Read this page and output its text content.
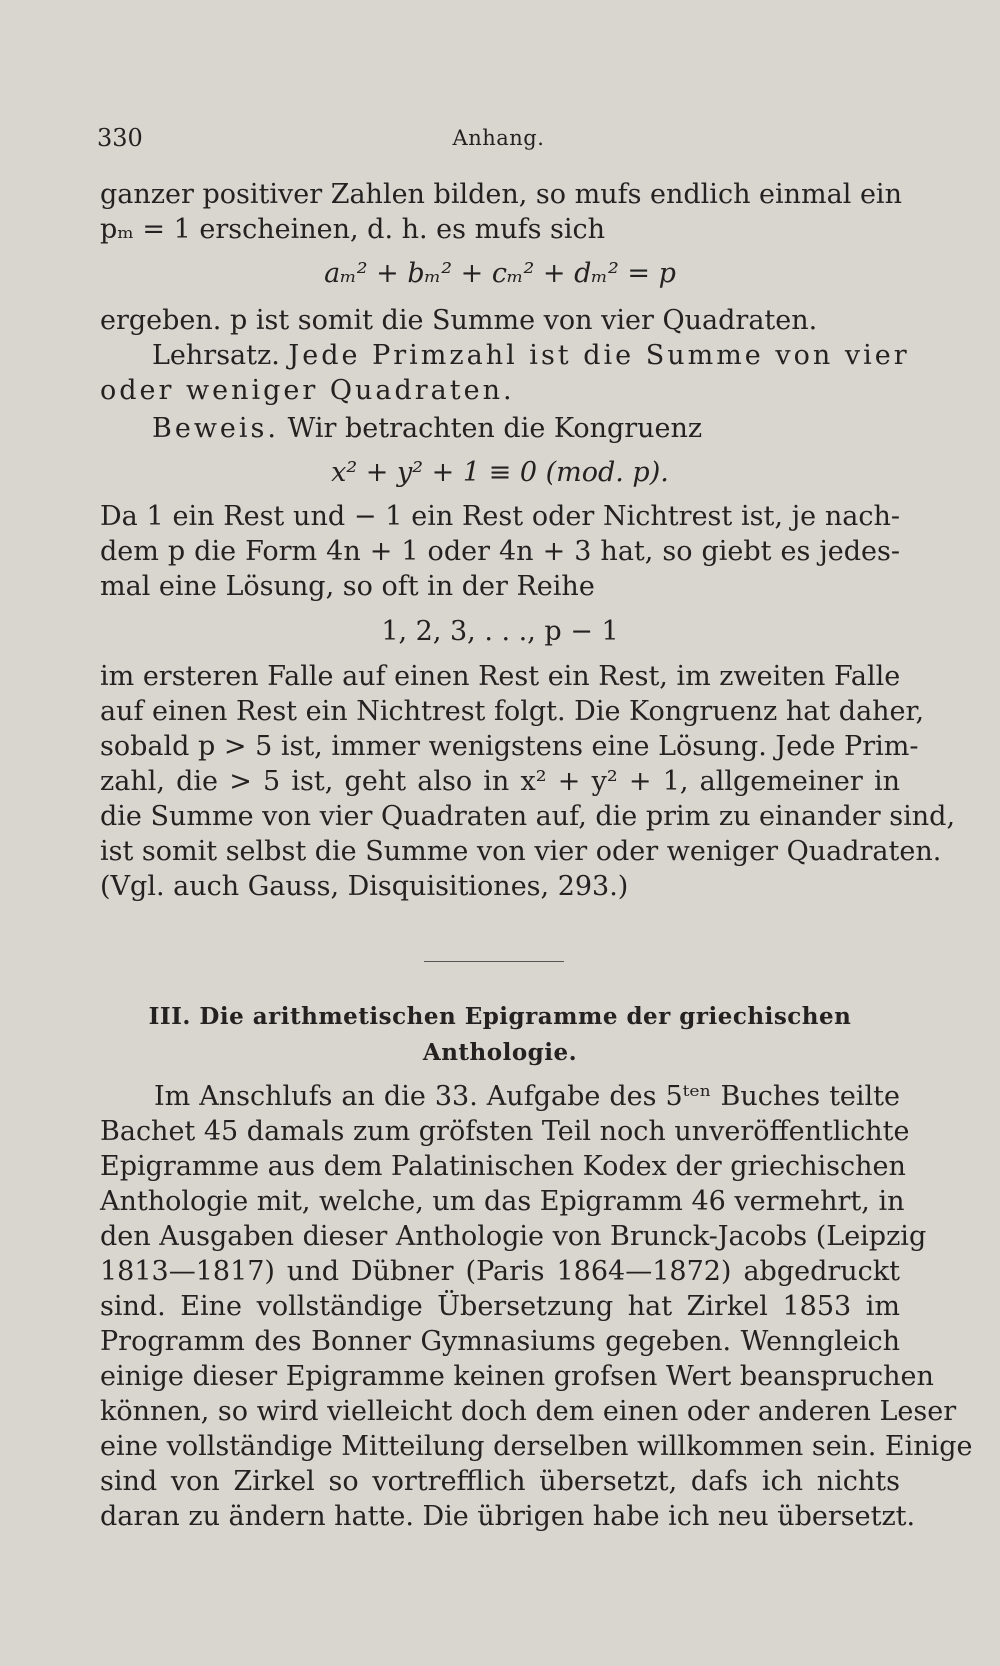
330	Anhang.
ganzer positiver Zahlen bilden, so mufs endlich einmal ein
pₘ = 1 erscheinen, d. h. es mufs sich
aₘ² + bₘ² + cₘ² + dₘ² = p
ergeben. p ist somit die Summe von vier Quadraten.
Lehrsatz. Jede Primzahl ist die Summe von vier
oder weniger Quadraten.
Beweis. Wir betrachten die Kongruenz
x² + y² + 1 ≡ 0 (mod. p).
Da 1 ein Rest und − 1 ein Rest oder Nichtrest ist, je nach-
dem p die Form 4n + 1 oder 4n + 3 hat, so giebt es jedes-
mal eine Lösung, so oft in der Reihe
1, 2, 3, . . ., p − 1
im ersteren Falle auf einen Rest ein Rest, im zweiten Falle
auf einen Rest ein Nichtrest folgt. Die Kongruenz hat daher,
sobald p > 5 ist, immer wenigstens eine Lösung. Jede Prim-
zahl, die > 5 ist, geht also in x² + y² + 1, allgemeiner in
die Summe von vier Quadraten auf, die prim zu einander sind,
ist somit selbst die Summe von vier oder weniger Quadraten.
(Vgl. auch Gauss, Disquisitiones, 293.)
III. Die arithmetischen Epigramme der griechischen
Anthologie.
Im Anschlufs an die 33. Aufgabe des 5ᵗᵉⁿ Buches teilte
Bachet 45 damals zum gröfsten Teil noch unveröffentlichte
Epigramme aus dem Palatinischen Kodex der griechischen
Anthologie mit, welche, um das Epigramm 46 vermehrt, in
den Ausgaben dieser Anthologie von Brunck-Jacobs (Leipzig
1813—1817) und Dübner (Paris 1864—1872) abgedruckt
sind. Eine vollständige Übersetzung hat Zirkel 1853 im
Programm des Bonner Gymnasiums gegeben. Wenngleich
einige dieser Epigramme keinen grofsen Wert beanspruchen
können, so wird vielleicht doch dem einen oder anderen Leser
eine vollständige Mitteilung derselben willkommen sein. Einige
sind von Zirkel so vortrefflich übersetzt, dafs ich nichts
daran zu ändern hatte. Die übrigen habe ich neu übersetzt.
